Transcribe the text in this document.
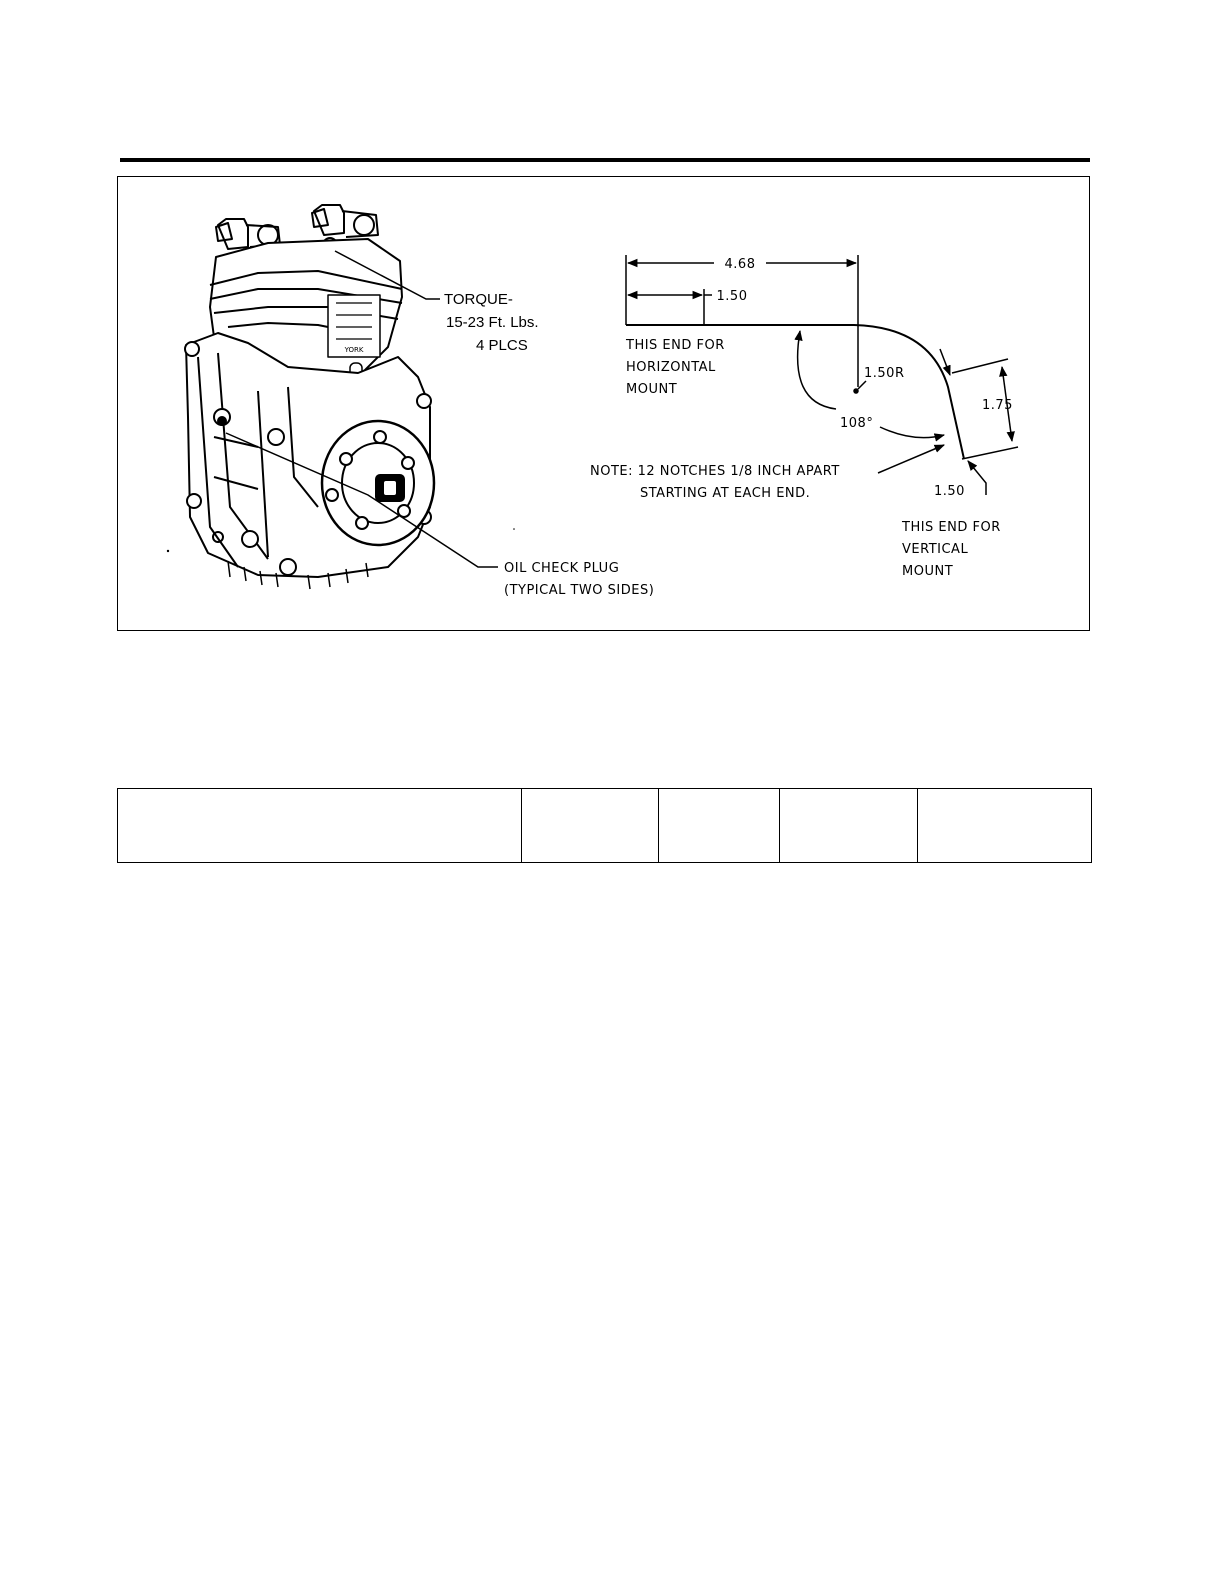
YORK
TORQUE-
15-23 Ft. Lbs.
4 PLCS
OIL CHECK PLUG
(TYPICAL TWO SIDES)
4.68
1.50
THIS END FOR
HORIZONTAL
MOUNT
1.50R
108°
1.75
1.50
NOTE: 12 NOTCHES 1/8 INCH APART
STARTING AT EACH END.
THIS END FOR
VERTICAL
MOUNT
